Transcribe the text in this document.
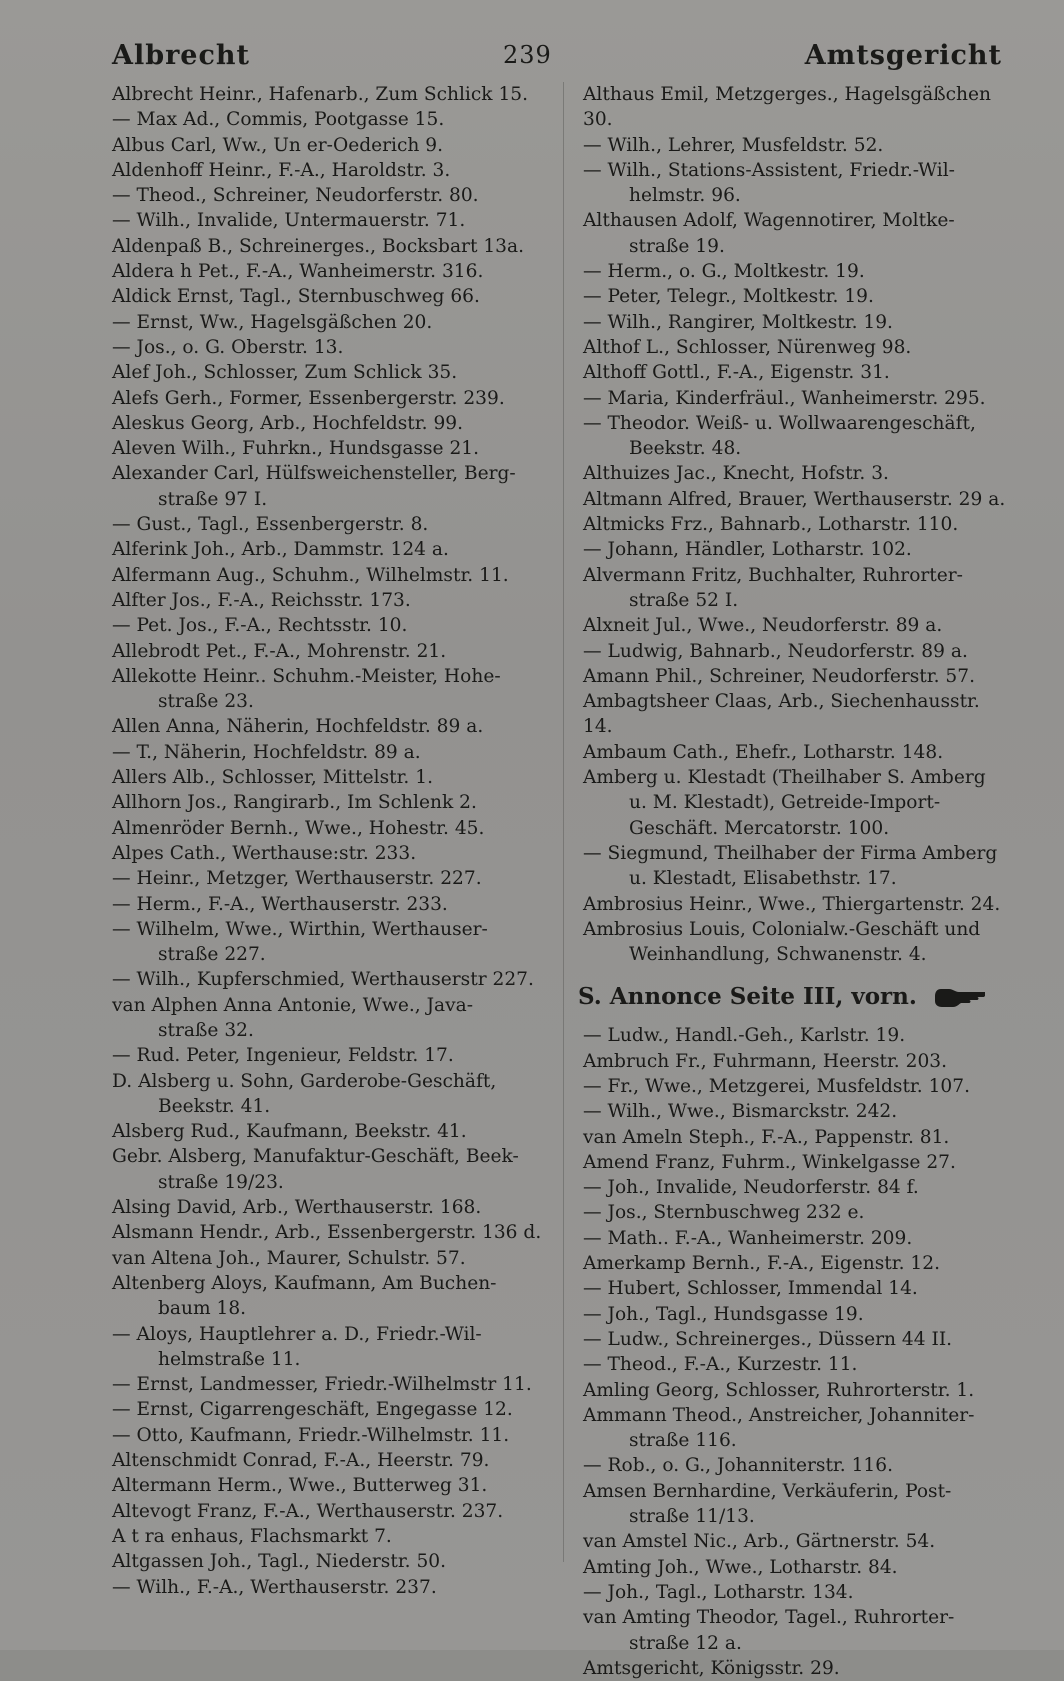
Albrecht	239	Amtsgericht
Albrecht Heinr., Hafenarb., Zum Schlick 15.
— Max Ad., Commis, Pootgasse 15.
Albus Carl, Ww., Un er-Oederich 9.
Aldenhoff Heinr., F.-A., Haroldstr. 3.
— Theod., Schreiner, Neudorferstr. 80.
— Wilh., Invalide, Untermauerstr. 71.
Aldenpaß B., Schreinerges., Bocksbart 13a.
Aldera h Pet., F.-A., Wanheimerstr. 316.
Aldick Ernst, Tagl., Sternbuschweg 66.
— Ernst, Ww., Hagelsgäßchen 20.
— Jos., o. G. Oberstr. 13.
Alef Joh., Schlosser, Zum Schlick 35.
Alefs Gerh., Former, Essenbergerstr. 239.
Aleskus Georg, Arb., Hochfeldstr. 99.
Aleven Wilh., Fuhrkn., Hundsgasse 21.
Alexander Carl, Hülfsweichensteller, Berg-
straße 97 I.
— Gust., Tagl., Essenbergerstr. 8.
Alferink Joh., Arb., Dammstr. 124 a.
Alfermann Aug., Schuhm., Wilhelmstr. 11.
Alfter Jos., F.-A., Reichsstr. 173.
— Pet. Jos., F.-A., Rechtsstr. 10.
Allebrodt Pet., F.-A., Mohrenstr. 21.
Allekotte Heinr.. Schuhm.-Meister, Hohe-
straße 23.
Allen Anna, Näherin, Hochfeldstr. 89 a.
— T., Näherin, Hochfeldstr. 89 a.
Allers Alb., Schlosser, Mittelstr. 1.
Allhorn Jos., Rangirarb., Im Schlenk 2.
Almenröder Bernh., Wwe., Hohestr. 45.
Alpes Cath., Werthause:str. 233.
— Heinr., Metzger, Werthauserstr. 227.
— Herm., F.-A., Werthauserstr. 233.
— Wilhelm, Wwe., Wirthin, Werthauser-
straße 227.
— Wilh., Kupferschmied, Werthauserstr 227.
van Alphen Anna Antonie, Wwe., Java-
straße 32.
— Rud. Peter, Ingenieur, Feldstr. 17.
D. Alsberg u. Sohn, Garderobe-Geschäft,
Beekstr. 41.
Alsberg Rud., Kaufmann, Beekstr. 41.
Gebr. Alsberg, Manufaktur-Geschäft, Beek-
straße 19/23.
Alsing David, Arb., Werthauserstr. 168.
Alsmann Hendr., Arb., Essenbergerstr. 136 d.
van Altena Joh., Maurer, Schulstr. 57.
Altenberg Aloys, Kaufmann, Am Buchen-
baum 18.
— Aloys, Hauptlehrer a. D., Friedr.-Wil-
helmstraße 11.
— Ernst, Landmesser, Friedr.-Wilhelmstr 11.
— Ernst, Cigarrengeschäft, Engegasse 12.
— Otto, Kaufmann, Friedr.-Wilhelmstr. 11.
Altenschmidt Conrad, F.-A., Heerstr. 79.
Altermann Herm., Wwe., Butterweg 31.
Altevogt Franz, F.-A., Werthauserstr. 237.
A t ra enhaus, Flachsmarkt 7.
Altgassen Joh., Tagl., Niederstr. 50.
— Wilh., F.-A., Werthauserstr. 237.
Althaus Emil, Metzgerges., Hagelsgäßchen 30.
— Wilh., Lehrer, Musfeldstr. 52.
— Wilh., Stations-Assistent, Friedr.-Wil-
helmstr. 96.
Althausen Adolf, Wagennotirer, Moltke-
straße 19.
— Herm., o. G., Moltkestr. 19.
— Peter, Telegr., Moltkestr. 19.
— Wilh., Rangirer, Moltkestr. 19.
Althof L., Schlosser, Nürenweg 98.
Althoff Gottl., F.-A., Eigenstr. 31.
— Maria, Kinderfräul., Wanheimerstr. 295.
— Theodor. Weiß- u. Wollwaarengeschäft,
Beekstr. 48.
Althuizes Jac., Knecht, Hofstr. 3.
Altmann Alfred, Brauer, Werthauserstr. 29 a.
Altmicks Frz., Bahnarb., Lotharstr. 110.
— Johann, Händler, Lotharstr. 102.
Alvermann Fritz, Buchhalter, Ruhrorter-
straße 52 I.
Alxneit Jul., Wwe., Neudorferstr. 89 a.
— Ludwig, Bahnarb., Neudorferstr. 89 a.
Amann Phil., Schreiner, Neudorferstr. 57.
Ambagtsheer Claas, Arb., Siechenhausstr. 14.
Ambaum Cath., Ehefr., Lotharstr. 148.
Amberg u. Klestadt (Theilhaber S. Amberg
u. M. Klestadt), Getreide-Import-
Geschäft. Mercatorstr. 100.
— Siegmund, Theilhaber der Firma Amberg
u. Klestadt, Elisabethstr. 17.
Ambrosius Heinr., Wwe., Thiergartenstr. 24.
Ambrosius Louis, Colonialw.-Geschäft und
Weinhandlung, Schwanenstr. 4.
S. Annonce Seite III, vorn.
— Ludw., Handl.-Geh., Karlstr. 19.
Ambruch Fr., Fuhrmann, Heerstr. 203.
— Fr., Wwe., Metzgerei, Musfeldstr. 107.
— Wilh., Wwe., Bismarckstr. 242.
van Ameln Steph., F.-A., Pappenstr. 81.
Amend Franz, Fuhrm., Winkelgasse 27.
— Joh., Invalide, Neudorferstr. 84 f.
— Jos., Sternbuschweg 232 e.
— Math.. F.-A., Wanheimerstr. 209.
Amerkamp Bernh., F.-A., Eigenstr. 12.
— Hubert, Schlosser, Immendal 14.
— Joh., Tagl., Hundsgasse 19.
— Ludw., Schreinerges., Düssern 44 II.
— Theod., F.-A., Kurzestr. 11.
Amling Georg, Schlosser, Ruhrorterstr. 1.
Ammann Theod., Anstreicher, Johanniter-
straße 116.
— Rob., o. G., Johanniterstr. 116.
Amsen Bernhardine, Verkäuferin, Post-
straße 11/13.
van Amstel Nic., Arb., Gärtnerstr. 54.
Amting Joh., Wwe., Lotharstr. 84.
— Joh., Tagl., Lotharstr. 134.
van Amting Theodor, Tagel., Ruhrorter-
straße 12 a.
Amtsgericht, Königsstr. 29.
